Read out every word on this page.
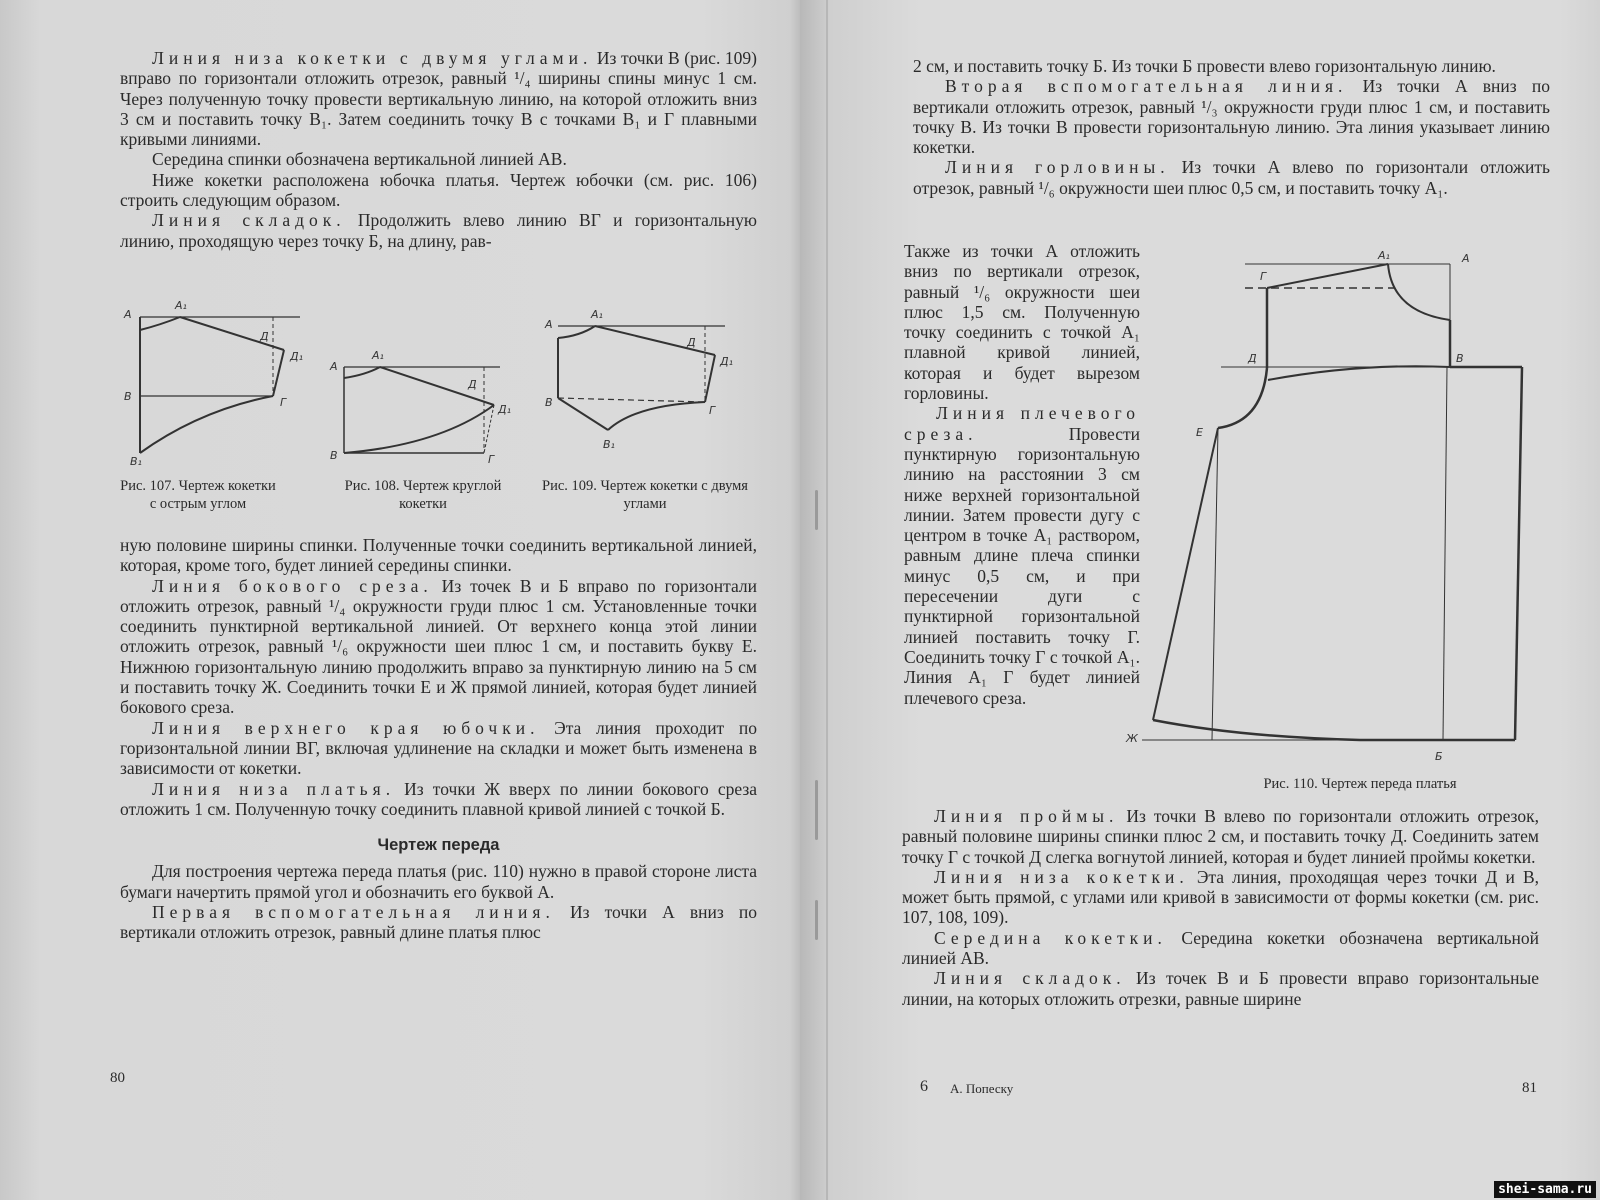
Линия низа кокетки с двумя углами. Из точки В (рис. 109) вправо по горизонтали отложить отрезок, равный ¹/₄ ширины спины минус 1 см. Через полученную точку провести вертикальную линию, на которой отложить вниз 3 см и поставить точку В₁. Затем соединить точку В с точками В₁ и Г плавными кривыми линиями.

Середина спинки обозначена вертикальной линией АВ.

Ниже кокетки расположена юбочка платья. Чертеж юбочки (см. рис. 106) строить следующим образом.

Линия складок. Продолжить влево линию ВГ и горизонтальную линию, проходящую через точку Б, на длину, рав-

А
А₁
Д
Д₁
В	Г
В₁
Рис. 107. Чертеж кокетки с острым углом
А
А₁
Д
Д₁
В	Г
Рис. 108. Чертеж круглой кокетки
А
А₁
Д
Д₁
В
Г
В₁
Рис. 109. Чертеж кокетки с двумя углами

ную половине ширины спинки. Полученные точки соединить вертикальной линией, которая, кроме того, будет линией середины спинки.

Линия бокового среза. Из точек В и Б вправо по горизонтали отложить отрезок, равный ¹/₄ окружности груди плюс 1 см. Установленные точки соединить пунктирной вертикальной линией. От верхнего конца этой линии отложить отрезок, равный ¹/₆ окружности шеи плюс 1 см, и поставить букву Е. Нижнюю горизонтальную линию продолжить вправо за пунктирную линию на 5 см и поставить точку Ж. Соединить точки Е и Ж прямой линией, которая будет линией бокового среза.

Линия верхнего края юбочки. Эта линия проходит по горизонтальной линии ВГ, включая удлинение на складки и может быть изменена в зависимости от кокетки.

Линия низа платья. Из точки Ж вверх по линии бокового среза отложить 1 см. Полученную точку соединить плавной кривой линией с точкой Б.

Чертеж переда

Для построения чертежа переда платья (рис. 110) нужно в правой стороне листа бумаги начертить прямой угол и обозначить его буквой А.

Первая вспомогательная линия. Из точки А вниз по вертикали отложить отрезок, равный длине платья плюс

80

2 см, и поставить точку Б. Из точки Б провести влево горизонтальную линию.

Вторая вспомогательная линия. Из точки А вниз по вертикали отложить отрезок, равный ¹/₃ окружности груди плюс 1 см, и поставить точку В. Из точки В провести горизонтальную линию. Эта линия указывает линию кокетки.

Линия горловины. Из точки А влево по горизонтали отложить отрезок, равный ¹/₆ окружности шеи плюс 0,5 см, и поставить точку А₁.

Также из точки А отложить вниз по вертикали отрезок, равный ¹/₆ окружности шеи плюс 1,5 см. Полученную точку соединить с точкой А₁ плавной кривой линией, которая и будет вырезом горловины.

Линия плечевого среза. Провести пунктирную горизонтальную линию на расстоянии 3 см ниже верхней горизонтальной линии. Затем провести дугу с центром в точке А₁ раствором, равным длине плеча спинки минус 0,5 см, и при пересечении дуги с пунктирной горизонтальной линией поставить точку Г. Соединить точку Г с точкой А₁. Линия А₁ Г будет линией плечевого среза.

А₁	А
Г
Д	В
Е
Ж
Б
Рис. 110. Чертеж переда платья

Линия проймы. Из точки В влево по горизонтали отложить отрезок, равный половине ширины спинки плюс 2 см, и поставить точку Д. Соединить затем точку Г с точкой Д слегка вогнутой линией, которая и будет линией проймы кокетки.

Линия низа кокетки. Эта линия, проходящая через точки Д и В, может быть прямой, с углами или кривой в зависимости от формы кокетки (см. рис. 107, 108, 109).

Середина кокетки. Середина кокетки обозначена вертикальной линией АВ.

Линия складок. Из точек В и Б провести вправо горизонтальные линии, на которых отложить отрезки, равные ширине

6 А. Попеску	81
shei-sama.ru
